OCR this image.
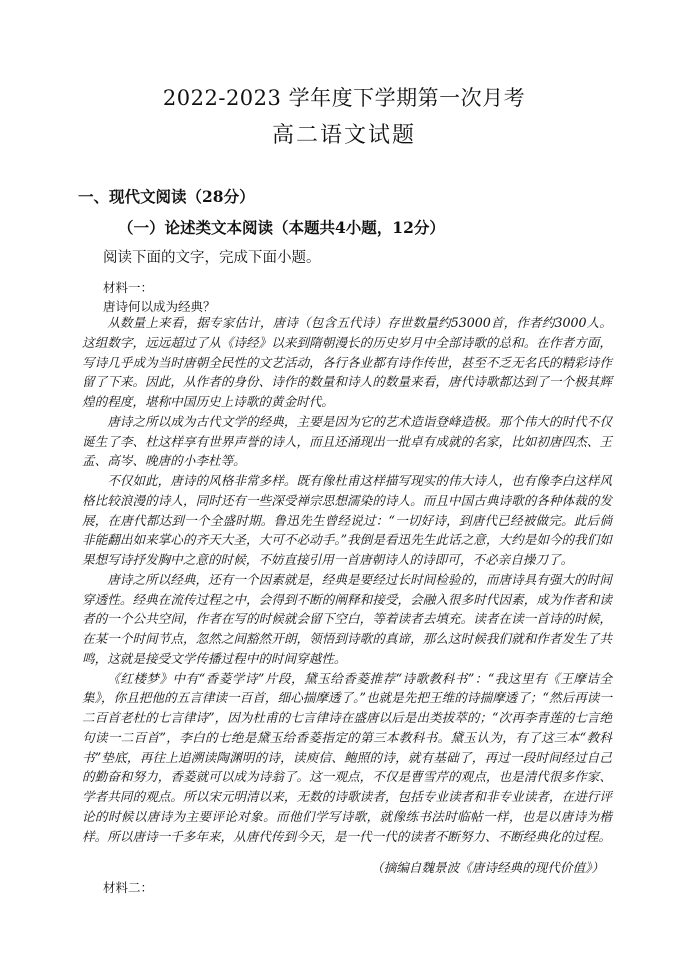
2022-2023 学年度下学期第一次月考
高二语文试题
一、现代文阅读（28分）
（一）论述类文本阅读（本题共4小题，12分）
阅读下面的文字，完成下面小题。
材料一：
唐诗何以成为经典？

从数量上来看，据专家估计，唐诗（包含五代诗）存世数量约53000首，作者约3000人。这组数字，远远超过了从《诗经》以来到隋朝漫长的历史岁月中全部诗歌的总和。在作者方面，写诗几乎成为当时唐朝全民性的文艺活动，各行各业都有诗作传世，甚至不乏无名氏的精彩诗作留了下来。因此，从作者的身份、诗作的数量和诗人的数量来看，唐代诗歌都达到了一个极其辉煌的程度，堪称中国历史上诗歌的黄金时代。

唐诗之所以成为古代文学的经典，主要是因为它的艺术造诣登峰造极。那个伟大的时代不仅诞生了李、杜这样享有世界声誉的诗人，而且还涌现出一批卓有成就的名家，比如初唐四杰、王孟、高岑、晚唐的小李杜等。

不仅如此，唐诗的风格非常多样。既有像杜甫这样描写现实的伟大诗人，也有像李白这样风格比较浪漫的诗人，同时还有一些深受禅宗思想濡染的诗人。而且中国古典诗歌的各种体裁的发展，在唐代都达到一个全盛时期。鲁迅先生曾经说过：“一切好诗，到唐代已经被做完。此后倘非能翻出如来掌心的齐天大圣，大可不必动手。”我倒是看迅先生此话之意，大约是如今的我们如果想写诗抒发胸中之意的时候，不妨直接引用一首唐朝诗人的诗即可，不必亲自操刀了。

唐诗之所以经典，还有一个因素就是，经典是要经过长时间检验的，而唐诗具有强大的时间穿透性。经典在流传过程之中，会得到不断的阐释和接受，会融入很多时代因素，成为作者和读者的一个公共空间，作者在写的时候就会留下空白，等着读者去填充。读者在读一首诗的时候，在某一个时间节点，忽然之间豁然开朗，领悟到诗歌的真谛，那么这时候我们就和作者发生了共鸣，这就是接受文学传播过程中的时间穿越性。

《红楼梦》中有“香菱学诗”片段，黛玉给香菱推荐“诗歌教科书”：“我这里有《王摩诘全集》，你且把他的五言律读一百首，细心揣摩透了。”也就是先把王维的诗揣摩透了；“然后再读一二百首老杜的七言律诗”，因为杜甫的七言律诗在盛唐以后是出类拔萃的；“次再李青莲的七言绝句读一二百首”，李白的七绝是黛玉给香菱指定的第三本教科书。黛玉认为，有了这三本“教科书”垫底，再往上追溯读陶渊明的诗，读庾信、鲍照的诗，就有基础了，再过一段时间经过自己的勤奋和努力，香菱就可以成为诗翁了。这一观点，不仅是曹雪芹的观点，也是清代很多作家、学者共同的观点。所以宋元明清以来，无数的诗歌读者，包括专业读者和非专业读者，在进行评论的时候以唐诗为主要评论对象。而他们学写诗歌，就像练书法时临帖一样，也是以唐诗为楷样。所以唐诗一千多年来，从唐代传到今天，是一代一代的读者不断努力、不断经典化的过程。

（摘编自魏景波《唐诗经典的现代价值》）
材料二：
